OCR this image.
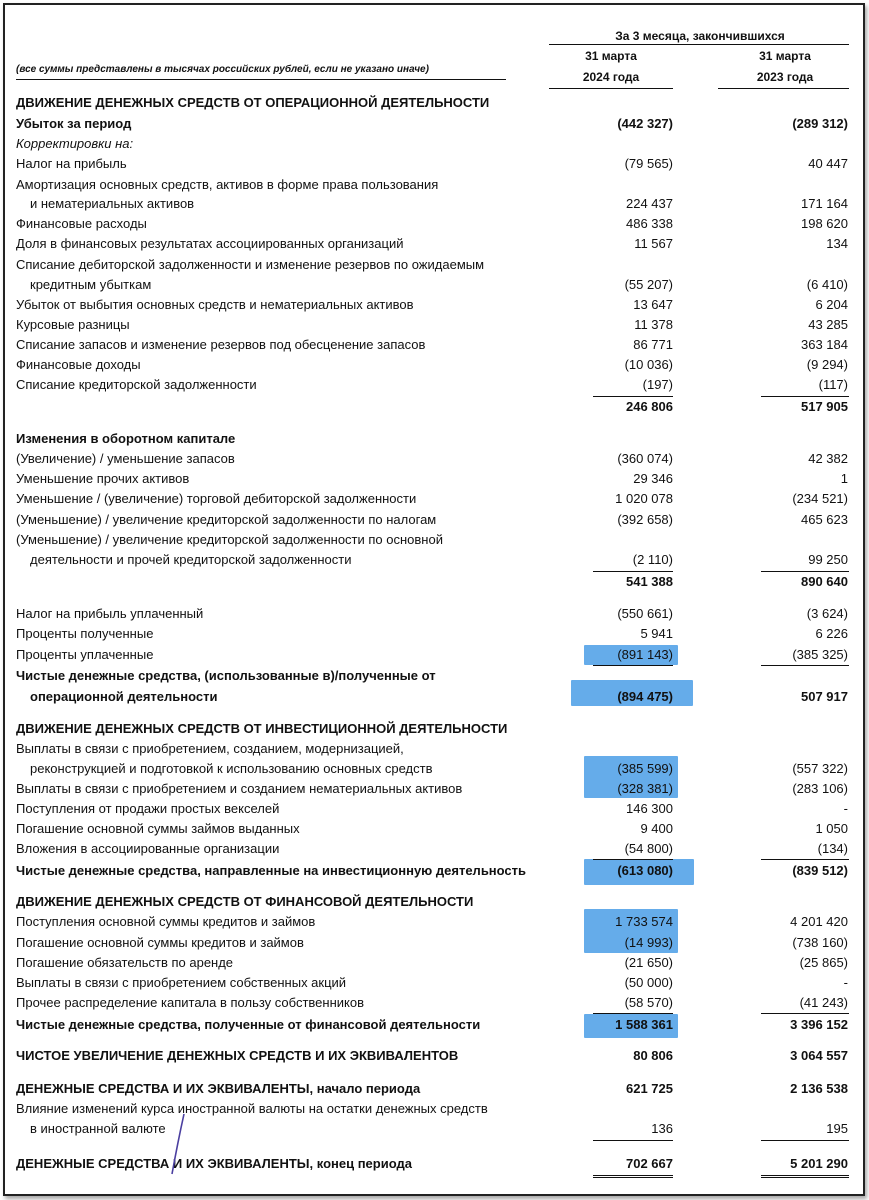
За 3 месяца, закончившихся
31 марта
2024 года
31 марта
2023 года
(все суммы представлены в тысячах российских рублей, если не указано иначе)
ДВИЖЕНИЕ ДЕНЕЖНЫХ СРЕДСТВ ОТ ОПЕРАЦИОННОЙ ДЕЯТЕЛЬНОСТИ
Убыток за период	(442 327)	(289 312)
Корректировки на:
Налог на прибыль	(79 565)	40 447
Амортизация основных средств, активов в форме права пользования
и нематериальных активов	224 437	171 164
Финансовые расходы	486 338	198 620
Доля в финансовых результатах ассоциированных организаций	11 567	134
Списание дебиторской задолженности и изменение резервов по ожидаемым
кредитным убыткам	(55 207)	(6 410)
Убыток от выбытия основных средств и нематериальных активов	13 647	6 204
Курсовые разницы	11 378	43 285
Списание запасов и изменение резервов под обесценение запасов	86 771	363 184
Финансовые доходы	(10 036)	(9 294)
Списание кредиторской задолженности	(197)	(117)
246 806	517 905
Изменения в оборотном капитале
(Увеличение) / уменьшение запасов	(360 074)	42 382
Уменьшение прочих активов	29 346	1
Уменьшение / (увеличение) торговой дебиторской задолженности	1 020 078	(234 521)
(Уменьшение) / увеличение кредиторской задолженности по налогам	(392 658)	465 623
(Уменьшение) / увеличение кредиторской задолженности по основной
деятельности и прочей кредиторской задолженности	(2 110)	99 250
541 388	890 640
Налог на прибыль уплаченный	(550 661)	(3 624)
Проценты полученные	5 941	6 226
Проценты уплаченные	(891 143)	(385 325)
Чистые денежные средства, (использованные в)/полученные от
операционной деятельности	(894 475)	507 917
ДВИЖЕНИЕ ДЕНЕЖНЫХ СРЕДСТВ ОТ ИНВЕСТИЦИОННОЙ ДЕЯТЕЛЬНОСТИ
Выплаты в связи с приобретением, созданием, модернизацией,
реконструкцией и подготовкой к использованию основных средств	(385 599)	(557 322)
Выплаты в связи с приобретением и созданием нематериальных активов	(328 381)	(283 106)
Поступления от продажи простых векселей	146 300	-
Погашение основной суммы займов выданных	9 400	1 050
Вложения в ассоциированные организации	(54 800)	(134)
Чистые денежные средства, направленные на инвестиционную деятельность	(613 080)	(839 512)
ДВИЖЕНИЕ ДЕНЕЖНЫХ СРЕДСТВ ОТ ФИНАНСОВОЙ ДЕЯТЕЛЬНОСТИ
Поступления основной суммы кредитов и займов	1 733 574	4 201 420
Погашение основной суммы кредитов и займов	(14 993)	(738 160)
Погашение обязательств по аренде	(21 650)	(25 865)
Выплаты в связи с приобретением собственных акций	(50 000)	-
Прочее распределение капитала в пользу собственников	(58 570)	(41 243)
Чистые денежные средства, полученные от финансовой деятельности	1 588 361	3 396 152
ЧИСТОЕ УВЕЛИЧЕНИЕ ДЕНЕЖНЫХ СРЕДСТВ И ИХ ЭКВИВАЛЕНТОВ	80 806	3 064 557
ДЕНЕЖНЫЕ СРЕДСТВА И ИХ ЭКВИВАЛЕНТЫ, начало периода	621 725	2 136 538
Влияние изменений курса иностранной валюты на остатки денежных средств
в иностранной валюте	136	195
ДЕНЕЖНЫЕ СРЕДСТВА И ИХ ЭКВИВАЛЕНТЫ, конец периода	702 667	5 201 290
